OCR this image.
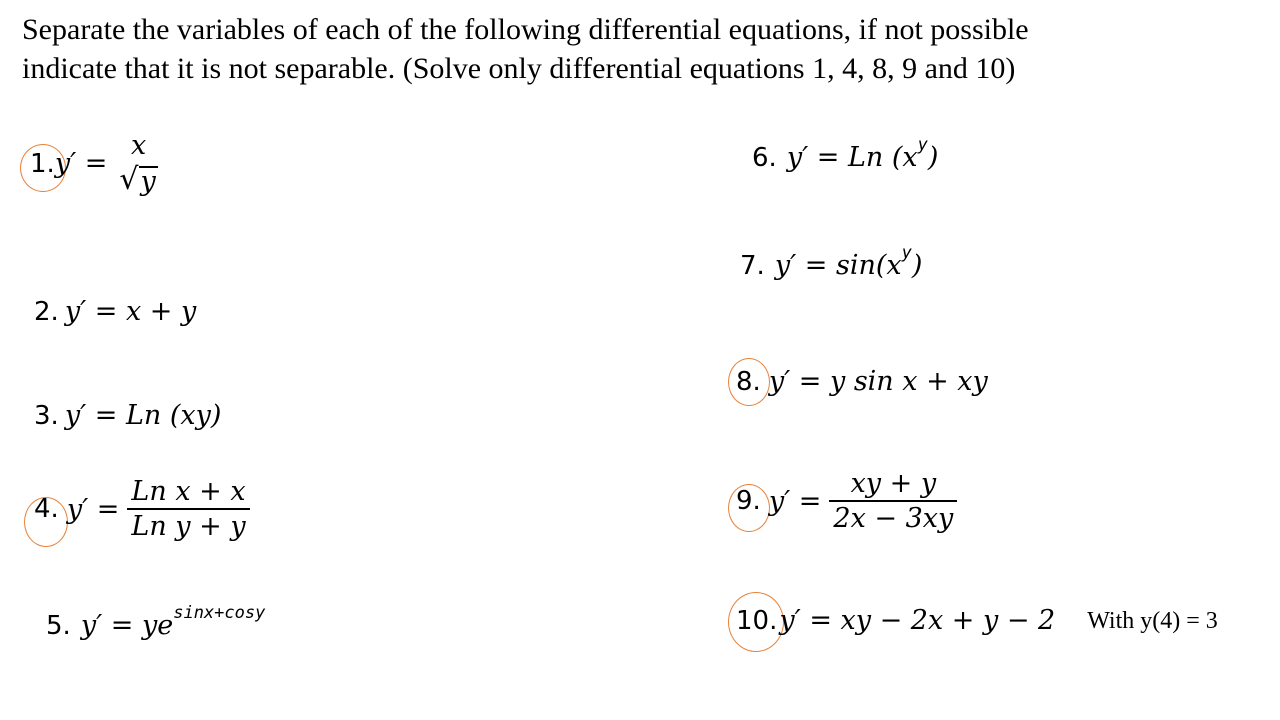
Separate the variables of each of the following differential equations, if not possible
indicate that it is not separable. (Solve only differential equations 1, 4, 8, 9 and 10)

1. y′ =
x
√ y
2. y′ = x + y
3. y′ = Ln (xy)
4. $y' = \frac{\text{Ln x + x}}{\text{Ln y + y}}$
5. y′ = ye sinx+cosy
6. y′ = Ln (x y )
7. y′ = sin(x y )
8. y′ = y sin x + xy
9. $y' = \frac{xy + y}{2x - 3xy}$
10. y′ = xy − 2x + y − 2 With y(4) = 3
